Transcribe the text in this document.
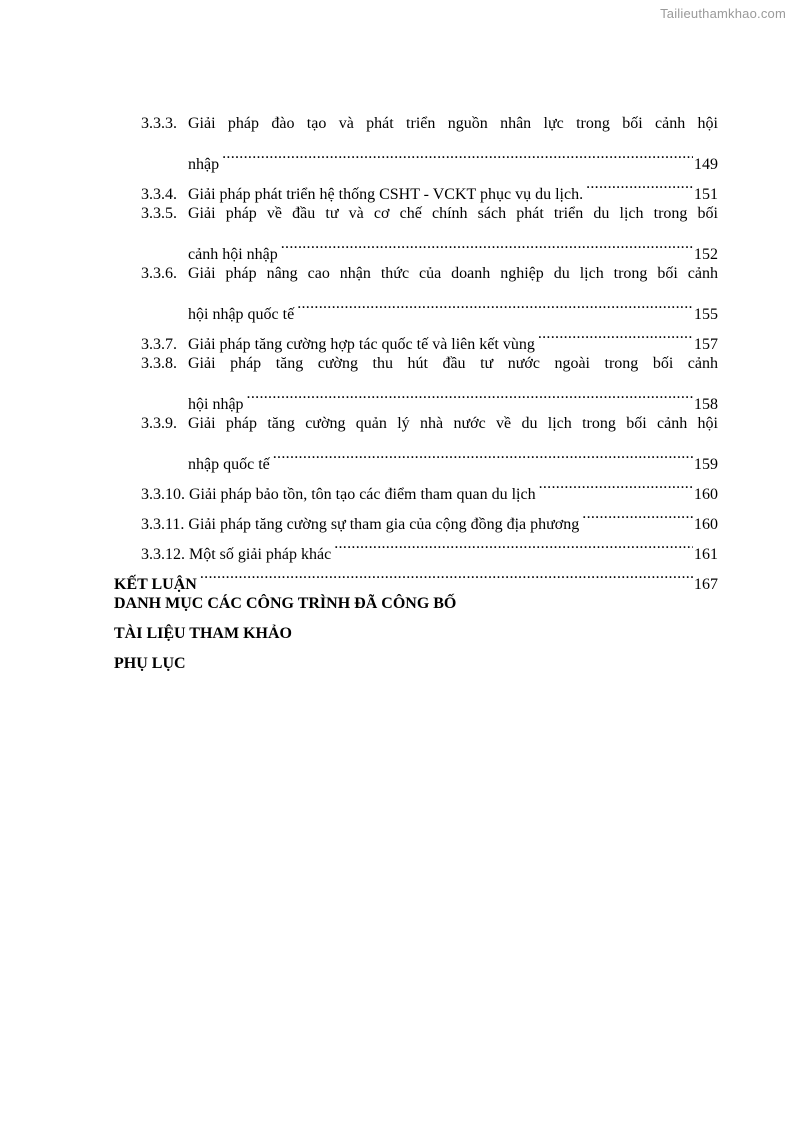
Tailieuthamkhao.com
3.3.3. Giải pháp đào tạo và phát triển nguồn nhân lực trong bối cảnh hội
nhập .....	149
3.3.4. Giải pháp phát triển hệ thống CSHT - VCKT phục vụ du lịch. .....	151
3.3.5. Giải pháp về đầu tư và cơ chế chính sách phát triển du lịch trong bối
cảnh hội nhập .....	152
3.3.6. Giải pháp nâng cao nhận thức của doanh nghiệp du lịch trong bối cảnh
hội nhập quốc tế .....	155
3.3.7. Giải pháp tăng cường hợp tác quốc tế và liên kết vùng .....	157
3.3.8. Giải pháp tăng cường thu hút đầu tư nước ngoài trong bối cảnh
hội nhập .....	158
3.3.9. Giải pháp tăng cường quản lý nhà nước về du lịch trong bối cảnh hội
nhập quốc tế .....	159
3.3.10. Giải pháp bảo tồn, tôn tạo các điểm tham quan du lịch .....	160
3.3.11. Giải pháp tăng cường sự tham gia của cộng đồng địa phương .....	160
3.3.12. Một số giải pháp khác .....	161
KẾT LUẬN .....	167
DANH MỤC CÁC CÔNG TRÌNH ĐÃ CÔNG BỐ
TÀI LIỆU THAM KHẢO
PHỤ LỤC
